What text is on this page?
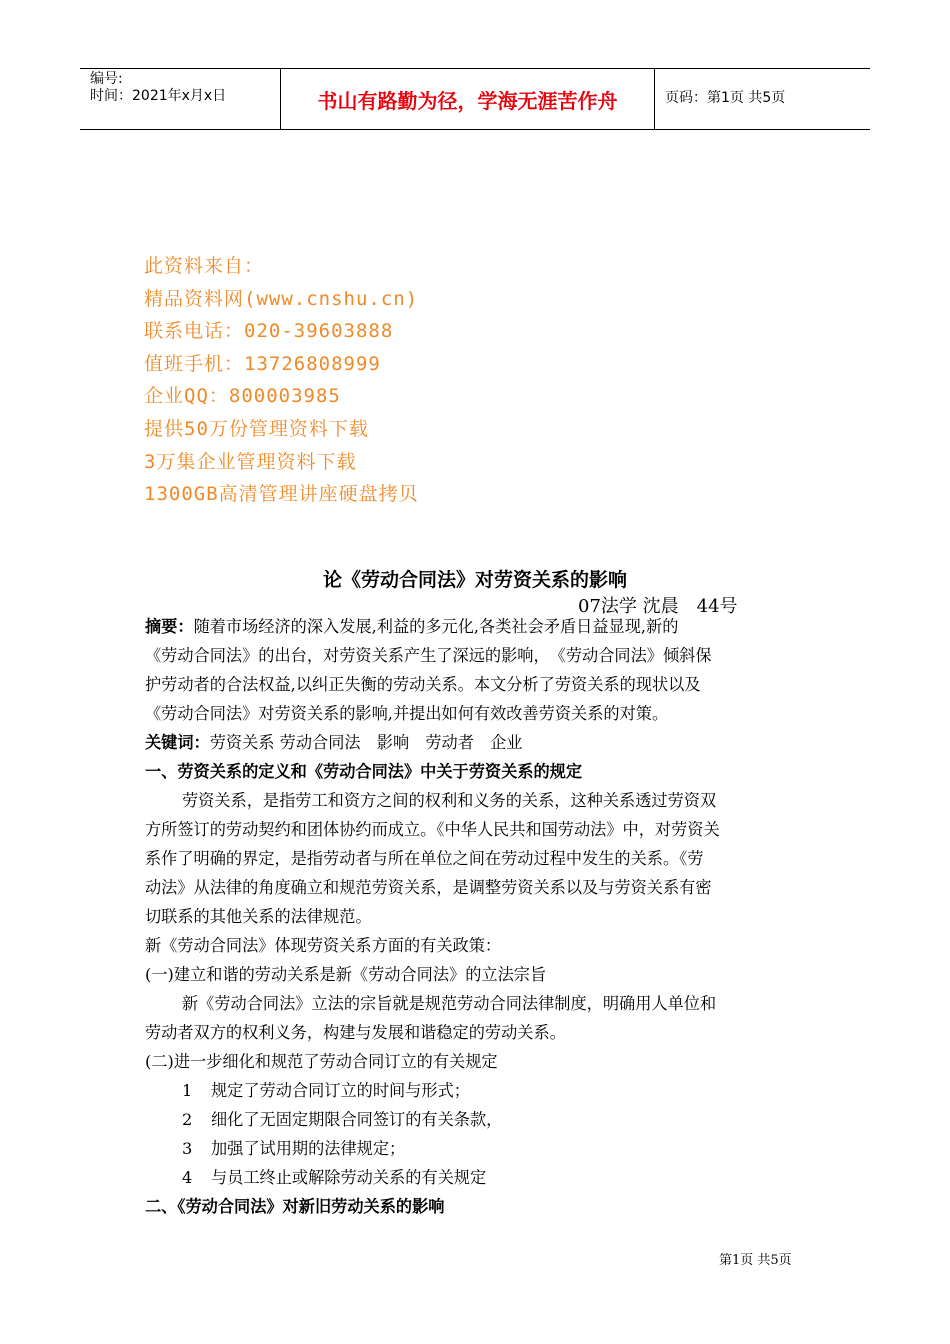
编号:
时间：2021年x月x日	书山有路勤为径，学海无涯苦作舟	页码：第1页 共5页
此资料来自：
精品资料网(www.cnshu.cn)
联系电话：020-39603888
值班手机：13726808999
企业QQ：800003985
提供50万份管理资料下载
3万集企业管理资料下载
1300GB高清管理讲座硬盘拷贝
论《劳动合同法》对劳资关系的影响
07法学 沈晨　44号

摘要：随着市场经济的深入发展,利益的多元化,各类社会矛盾日益显现,新的

《劳动合同法》的出台，对劳资关系产生了深远的影响，　《劳动合同法》倾斜保

护劳动者的合法权益,以纠正失衡的劳动关系。本文分析了劳资关系的现状以及

《劳动合同法》对劳资关系的影响,并提出如何有效改善劳资关系的对策。

关键词：劳资关系 劳动合同法　影响　劳动者　企业

一、劳资关系的定义和《劳动合同法》中关于劳资关系的规定

劳资关系，是指劳工和资方之间的权利和义务的关系，这种关系透过劳资双

方所签订的劳动契约和团体协约而成立。《中华人民共和国劳动法》中，对劳资关

系作了明确的界定，是指劳动者与所在单位之间在劳动过程中发生的关系。《劳

动法》从法律的角度确立和规范劳资关系，是调整劳资关系以及与劳资关系有密

切联系的其他关系的法律规范。

新《劳动合同法》体现劳资关系方面的有关政策：

(一)建立和谐的劳动关系是新《劳动合同法》的立法宗旨

新《劳动合同法》立法的宗旨就是规范劳动合同法律制度，明确用人单位和

劳动者双方的权利义务，构建与发展和谐稳定的劳动关系。

(二)进一步细化和规范了劳动合同订立的有关规定

1 规定了劳动合同订立的时间与形式；

2 细化了无固定期限合同签订的有关条款，

3 加强了试用期的法律规定；

4 与员工终止或解除劳动关系的有关规定

二、《劳动合同法》对新旧劳动关系的影响

第1页 共5页
